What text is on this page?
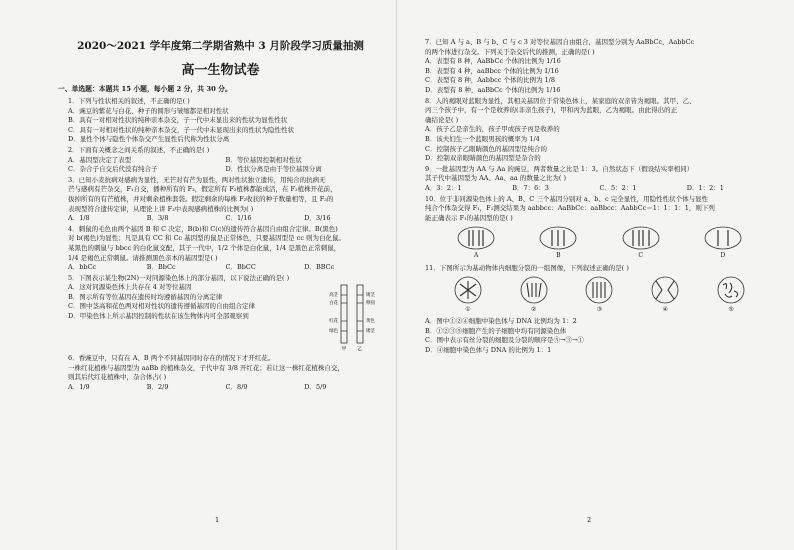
2020～2021 学年度第二学期省熟中 3 月阶段学习质量抽测
高一生物试卷
一、单选题：本题共 15 小题，每小题 2 分，共 30 分。

1．下列与性状相关的叙述，不正确的是( )

A．豌豆的紫花与白花、种子的圆形与皱缩都是相对性状

B．具有一对相对性状的纯种亲本杂交，子一代中未显出来的性状为显性性状

C．具有一对相对性状的纯种亲本杂交，子一代中未显现出来的性状为隐性性状

D．显性个体与隐性个体杂交产生显性后代称为性状分离

2．下面有关概念之间关系的叙述，不正确的是( )

A．基因型决定了表型	B．等位基因控制相对性状

C．杂合子自交后代没有纯合子	D．性状分离是由于等位基因分离

3．已知小麦抗病对感病为显性，无芒对有芒为显性，两对性状独立遗传，用纯合的抗病无

芒与感病有芒杂交，F₁自交，播种所有的 F₂，假定所有 F₂植株都能成活，在 F₂植株开花前，

拔掉所有的有芒植株，并对剩余植株套袋。假定剩余的每株 F₂收获的种子数量相等，且 F₃的

表现型符合遗传定律，从理论上讲 F₃中表现感病植株的比例为( )

A．1/8	B．3/8	C．1/16	D．3/16

4．刺鼠的毛色由两个基因 B 和 C 决定，B(b)和 C(c)的遗传符合基因自由组合定律。B(黑色)

对 b(褐色)为显性；凡是具有 CC 和 Cc 基因型的鼠是正常体色，只要基因型是 cc 则为白化鼠。

某黑色的刺鼠与 bbcc 的白化鼠交配，其子一代中，1/2 个体是白化鼠，1/4 是黑色正常刺鼠，

1/4 是褐色正常刺鼠。请推测黑色亲本的基因型是( )

A．bbCc	B．BbCc	C．BbCC	D．BBCc

5．下图表示某生物(2N)一对同源染色体上的部分基因，以下说法正确的是( )

A．这对同源染色体上共存在 4 对等位基因

B．图示所有等位基因在遗传时均遵循基因的分离定律

C．图中茎高和花色两对相对性状的遗传遵循基因的自由组合定律

D．甲染色体上所示基因控制的性状在该生物体内可全部观察到

高茎
白花
红花
绿色
矮茎
卵圆
黄色
矮茎
甲 乙

6．香豌豆中，只有在 A、B 两个不同基因同时存在的情况下才开红花。

一株红花植株与基因型为 aaBb 的植株杂交，子代中有 3/8 开红花；若让这一株红花植株自交，

则其后代红花植株中，杂合体占( )

A．1/9	B．2/9	C．8/9	D．5/9

1

7．已知 A 与 a、B 与 b、C 与 c 3 对等位基因自由组合，基因型分别为 AaBbCc、AabbCc

的两个体进行杂交。下列关于杂交后代的推测，正确的是( )

A．表型有 8 种，AaBbCc 个体的比例为 1/16

B．表型有 4 种，aaBbcc 个体的比例为 1/16

C．表型有 8 种，Aabbcc 个体的比例为 1/8

D．表型有 8 种，aaBbCc 个体的比例为 1/16

8．人的褐眼对蓝眼为显性，其相关基因位于常染色体上，某家庭的双亲皆为褐眼。其甲、乙、

丙三个孩子中，有一个是收养的(非亲生孩子)，甲和丙为蓝眼，乙为褐眼。由此得出的正

确结论是( )

A．孩子乙是亲生的，孩子甲或孩子丙是收养的

B．该夫妇生一个蓝眼男孩的概率为 1/4

C．控制孩子乙眼睛颜色的基因型是纯合的

D．控制双亲眼睛颜色的基因型是杂合的

9．一批基因型为 AA 与 Aa 的豌豆，两者数量之比是 1：3。自然状态下（假设结实率相同）

其子代中基因型为 AA、Aa、aa 的数量之比为( )

A．3：2：1	B．7：6：3	C．5：2：1	D．1：2：1

10．位于非同源染色体上的 A、B、C 三个基因分别对 a、b、c 完全显性，用隐性性状个体与显性

纯合个体杂交得 F₁，F₁测交结果为 aabbcc：AaBbCc：aaBbcc：AabbCc＝1：1：1：1，则下列

能正确表示 F₁的基因型的是( )

A	B	C	D

11．下图所示为基动物体内细胞分裂的一组图像，下列叙述正确的是( )

①	②	③	④	⑤

A．图中①②④细胞中染色体与 DNA 比例均为 1：2

B．①②③⑤细胞产生的子细胞中均有同源染色体

C．图中表示有丝分裂的细胞及分裂的顺序是⑤→③→①

D．④细胞中染色体与 DNA 的比例为 1：1

2
